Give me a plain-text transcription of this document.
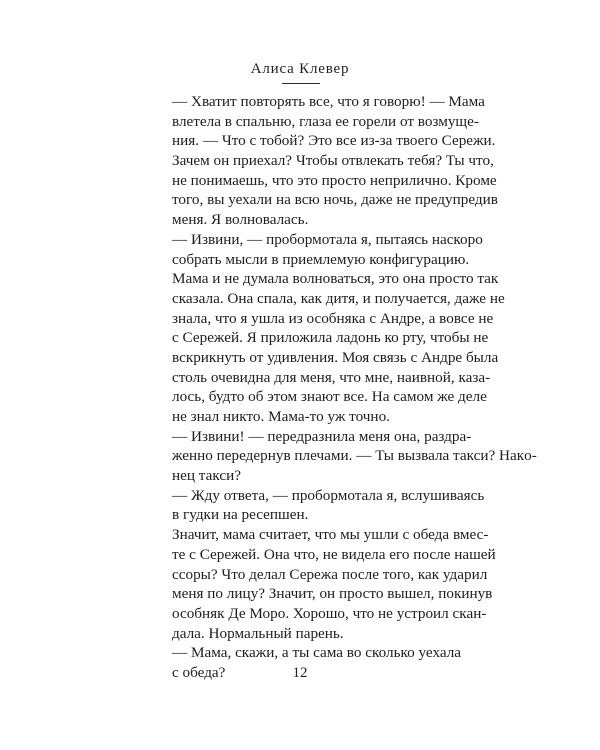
Алиса Клевер
— Хватит повторять все, что я говорю! — Мама
влетела в спальню, глаза ее горели от возмуще-
ния. — Что с тобой? Это все из-за твоего Сережи.
Зачем он приехал? Чтобы отвлекать тебя? Ты что,
не понимаешь, что это просто неприлично. Кроме
того, вы уехали на всю ночь, даже не предупредив
меня. Я волновалась.
— Извини, — пробормотала я, пытаясь наскоро
собрать мысли в приемлемую конфигурацию.
Мама и не думала волноваться, это она просто так
сказала. Она спала, как дитя, и получается, даже не
знала, что я ушла из особняка с Андре, а вовсе не
с Сережей. Я приложила ладонь ко рту, чтобы не
вскрикнуть от удивления. Моя связь с Андре была
столь очевидна для меня, что мне, наивной, каза-
лось, будто об этом знают все. На самом же деле
не знал никто. Мама-то уж точно.
— Извини! — передразнила меня она, раздра-
женно передернув плечами. — Ты вызвала такси? Накo-
нец такси?
— Жду ответа, — пробормотала я, вслушиваясь
в гудки на ресепшен.
Значит, мама считает, что мы ушли с обеда вмес-
те с Сережей. Она что, не видела его после нашей
ссоры? Что делал Сережа после того, как ударил
меня по лицу? Значит, он просто вышел, покинув
особняк Де Моро. Хорошо, что не устроил скан-
дала. Нормальный парень.
— Мама, скажи, а ты сама во сколько уехала
с обеда?	12
